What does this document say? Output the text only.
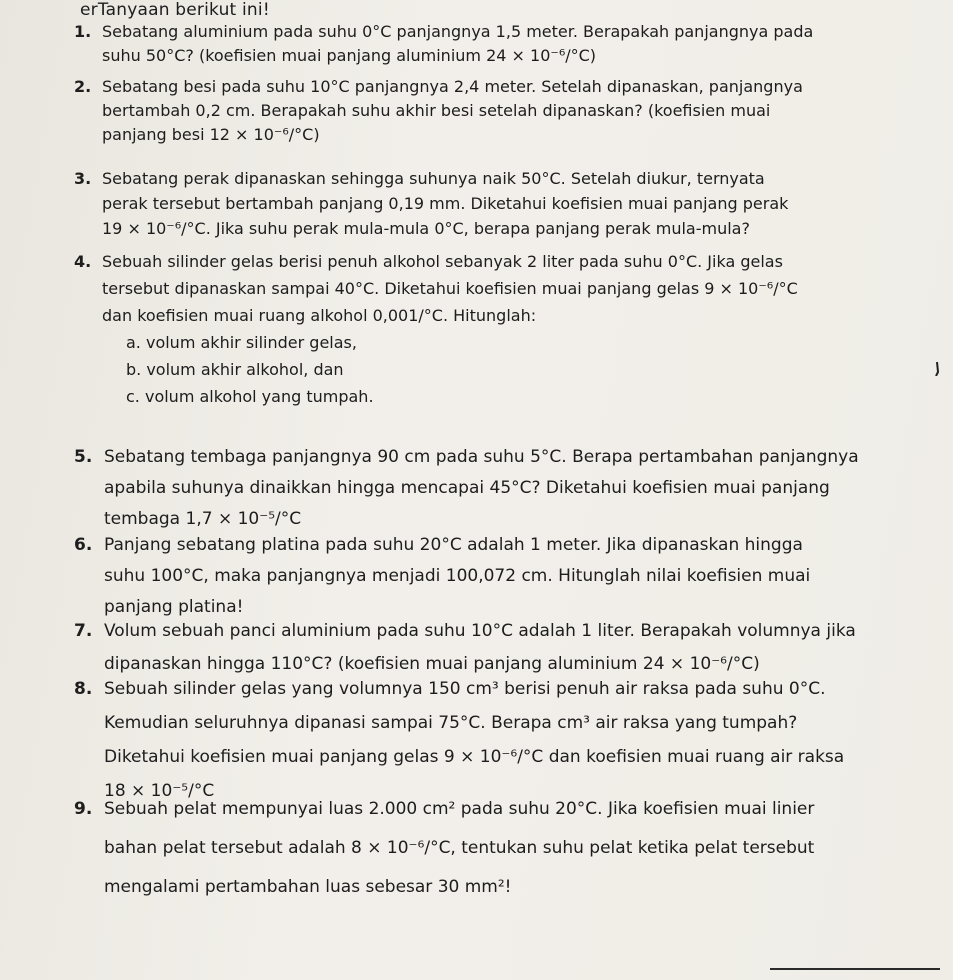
erTanyaan berikut ini!
1. Sebatang aluminium pada suhu 0°C panjangnya 1,5 meter. Berapakah panjangnya pada
suhu 50°C? (koefisien muai panjang aluminium 24 × 10⁻⁶/°C)
2. Sebatang besi pada suhu 10°C panjangnya 2,4 meter. Setelah dipanaskan, panjangnya
bertambah 0,2 cm. Berapakah suhu akhir besi setelah dipanaskan? (koefisien muai
panjang besi 12 × 10⁻⁶/°C)
3. Sebatang perak dipanaskan sehingga suhunya naik 50°C. Setelah diukur, ternyata
perak tersebut bertambah panjang 0,19 mm. Diketahui koefisien muai panjang perak
19 × 10⁻⁶/°C. Jika suhu perak mula-mula 0°C, berapa panjang perak mula-mula?
4. Sebuah silinder gelas berisi penuh alkohol sebanyak 2 liter pada suhu 0°C. Jika gelas
tersebut dipanaskan sampai 40°C. Diketahui koefisien muai panjang gelas 9 × 10⁻⁶/°C
dan koefisien muai ruang alkohol 0,001/°C. Hitunglah:
a. volum akhir silinder gelas,
b. volum akhir alkohol, dan
c. volum alkohol yang tumpah.
5. Sebatang tembaga panjangnya 90 cm pada suhu 5°C. Berapa pertambahan panjangnya
apabila suhunya dinaikkan hingga mencapai 45°C? Diketahui koefisien muai panjang
tembaga 1,7 × 10⁻⁵/°C
6. Panjang sebatang platina pada suhu 20°C adalah 1 meter. Jika dipanaskan hingga
suhu 100°C, maka panjangnya menjadi 100,072 cm. Hitunglah nilai koefisien muai
panjang platina!
7. Volum sebuah panci aluminium pada suhu 10°C adalah 1 liter. Berapakah volumnya jika
dipanaskan hingga 110°C? (koefisien muai panjang aluminium 24 × 10⁻⁶/°C)
8. Sebuah silinder gelas yang volumnya 150 cm³ berisi penuh air raksa pada suhu 0°C.
Kemudian seluruhnya dipanasi sampai 75°C. Berapa cm³ air raksa yang tumpah?
Diketahui koefisien muai panjang gelas 9 × 10⁻⁶/°C dan koefisien muai ruang air raksa
18 × 10⁻⁵/°C
9. Sebuah pelat mempunyai luas 2.000 cm² pada suhu 20°C. Jika koefisien muai linier
bahan pelat tersebut adalah 8 × 10⁻⁶/°C, tentukan suhu pelat ketika pelat tersebut
mengalami pertambahan luas sebesar 30 mm²!
